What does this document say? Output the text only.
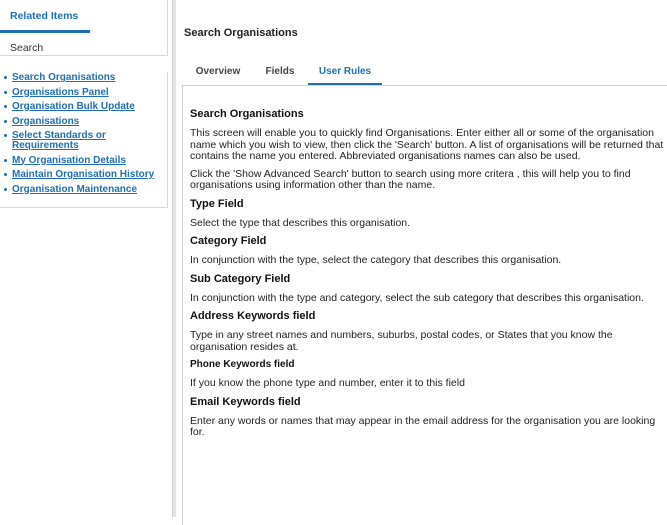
Related Items
Search
Search Organisations
Organisations Panel
Organisation Bulk Update
Organisations
Select Standards or Requirements
My Organisation Details
Maintain Organisation History
Organisation Maintenance
Search Organisations
Overview	Fields	User Rules
Search Organisations
This screen will enable you to quickly find Organisations. Enter either all or some of the organisation name which you wish to view, then click the 'Search' button. A list of organisations will be returned that contains the name you entered. Abbreviated organisations names can also be used.
Click the 'Show Advanced Search' button to search using more critera , this will help you to find organisations using information other than the name.
Type Field
Select the type that describes this organisation.
Category Field
In conjunction with the type, select the category that describes this organisation.
Sub Category Field
In conjunction with the type and category, select the sub category that describes this organisation.
Address Keywords field
Type in any street names and numbers, suburbs, postal codes, or States that you know the organisation resides at.
Phone Keywords field
If you know the phone type and number, enter it to this field
Email Keywords field
Enter any words or names that may appear in the email address for the organisation you are looking for.
